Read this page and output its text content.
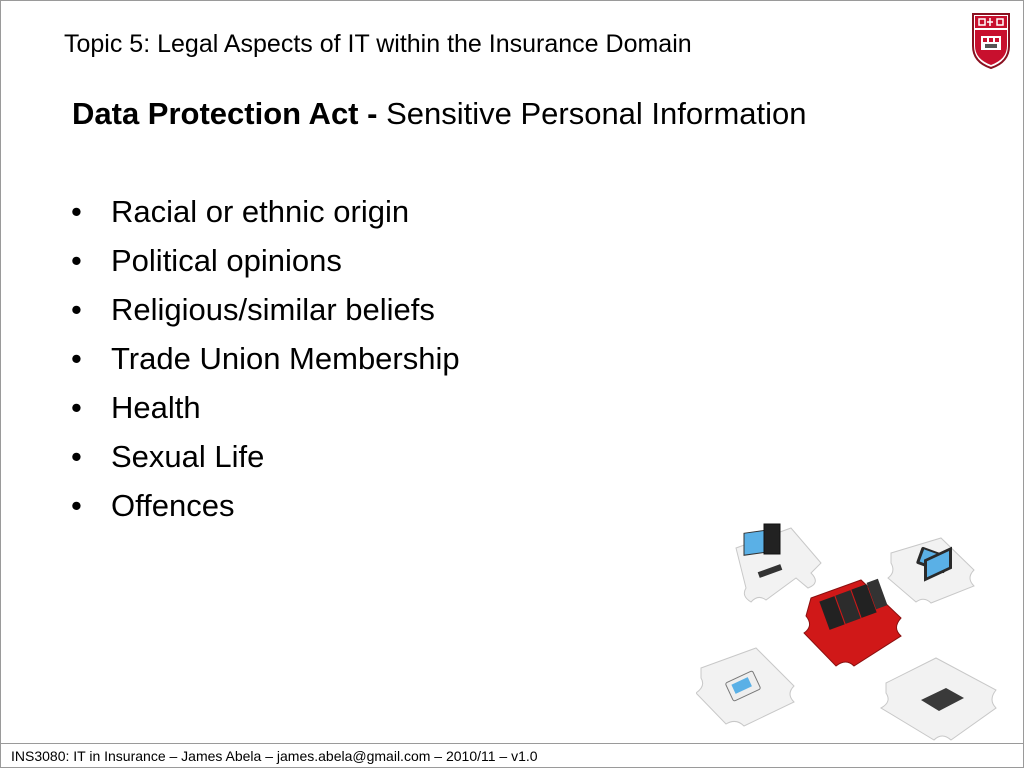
Topic 5: Legal Aspects of IT within the Insurance Domain
Data Protection Act - Sensitive Personal Information
• Racial or ethnic origin
• Political opinions
• Religious/similar beliefs
• Trade Union Membership
• Health
• Sexual Life
• Offences
INS3080: IT in Insurance – James Abela – james.abela@gmail.com – 2010/11 – v1.0
